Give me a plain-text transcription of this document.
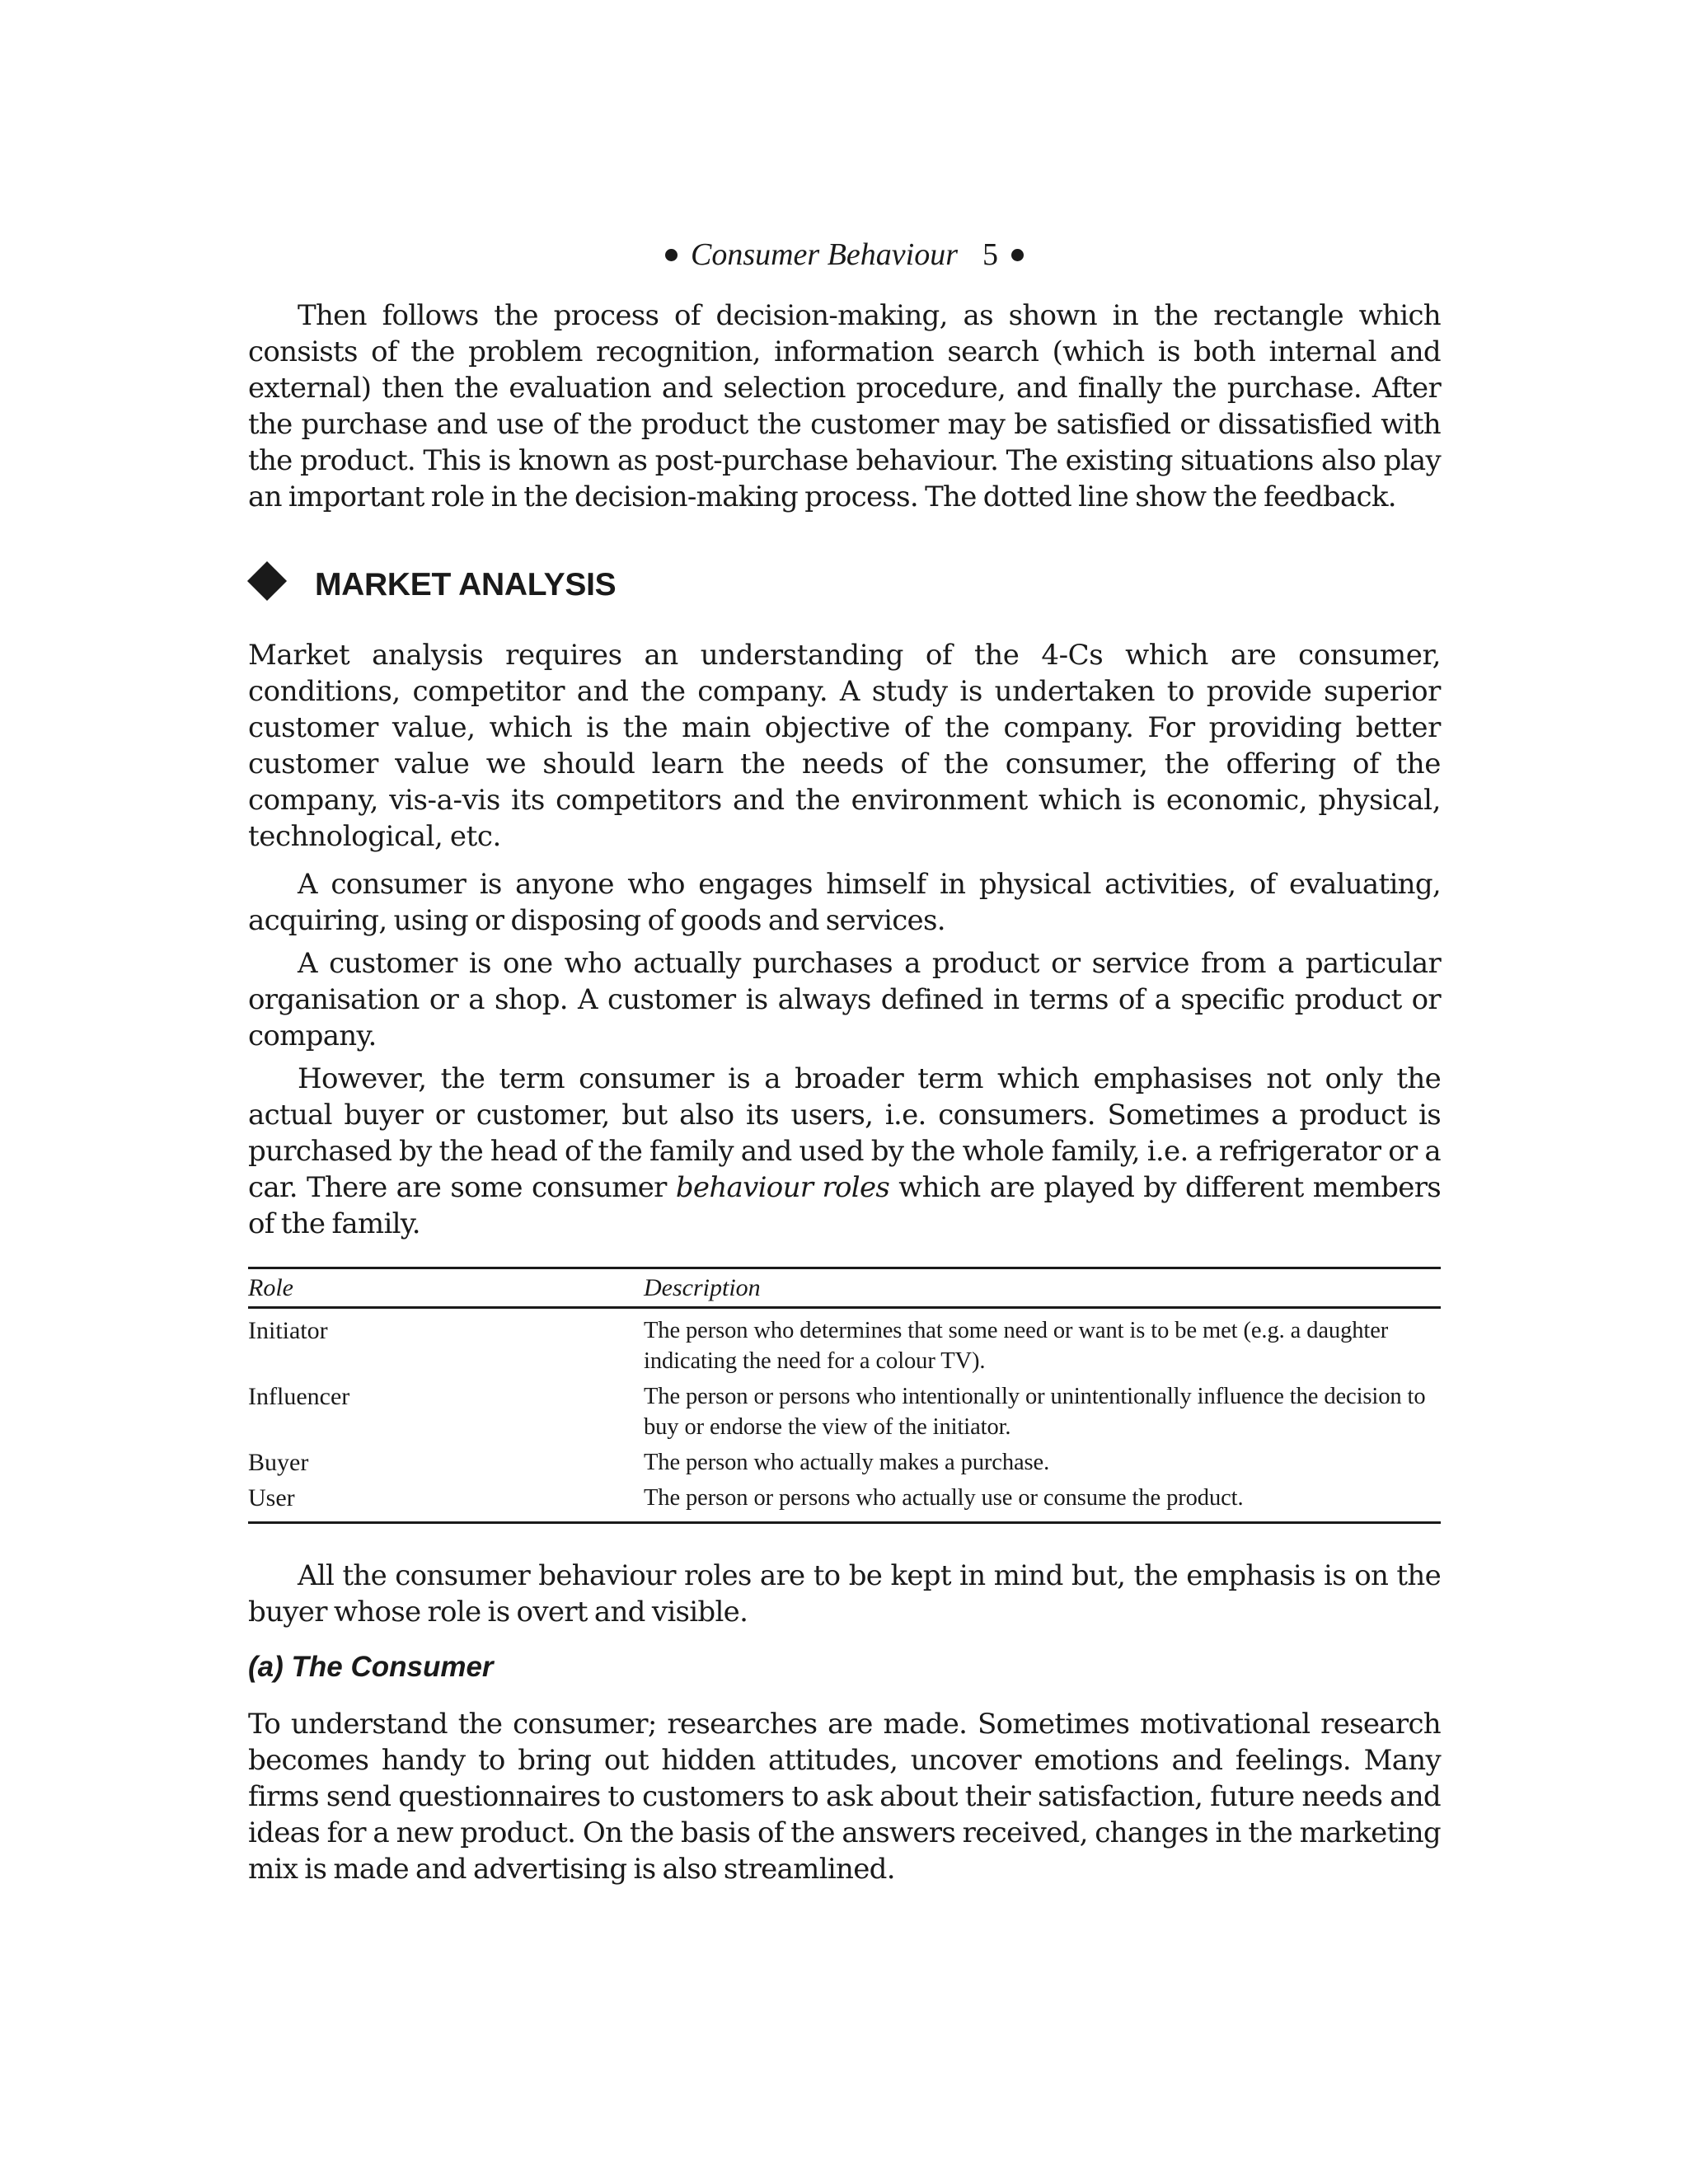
Consumer Behaviour 5

Then follows the process of decision-making, as shown in the rectangle which consists of the problem recognition, information search (which is both internal and external) then the evaluation and selection procedure, and finally the purchase. After the purchase and use of the product the customer may be satisfied or dissatisfied with the product. This is known as post-purchase behaviour. The existing situations also play an important role in the decision-making process. The dotted line show the feedback.

MARKET ANALYSIS

Market analysis requires an understanding of the 4-Cs which are consumer, conditions, competitor and the company. A study is undertaken to provide superior customer value, which is the main objective of the company. For providing better customer value we should learn the needs of the consumer, the offering of the company, vis-a-vis its competitors and the environment which is economic, physical, technological, etc.

A consumer is anyone who engages himself in physical activities, of evaluating, acquiring, using or disposing of goods and services.

A customer is one who actually purchases a product or service from a particular organisation or a shop. A customer is always defined in terms of a specific product or company.

However, the term consumer is a broader term which emphasises not only the actual buyer or customer, but also its users, i.e. consumers. Sometimes a product is purchased by the head of the family and used by the whole family, i.e. a refrigerator or a car. There are some consumer behaviour roles which are played by different members of the family.

Role	Description
Initiator	The person who determines that some need or want is to be met (e.g. a daughter indicating the need for a colour TV).
Influencer	The person or persons who intentionally or unintentionally influence the decision to buy or endorse the view of the initiator.
Buyer	The person who actually makes a purchase.
User	The person or persons who actually use or consume the product.

All the consumer behaviour roles are to be kept in mind but, the emphasis is on the buyer whose role is overt and visible.

(a) The Consumer

To understand the consumer; researches are made. Sometimes motivational research becomes handy to bring out hidden attitudes, uncover emotions and feelings. Many firms send questionnaires to customers to ask about their satisfaction, future needs and ideas for a new product. On the basis of the answers received, changes in the marketing mix is made and advertising is also streamlined.
